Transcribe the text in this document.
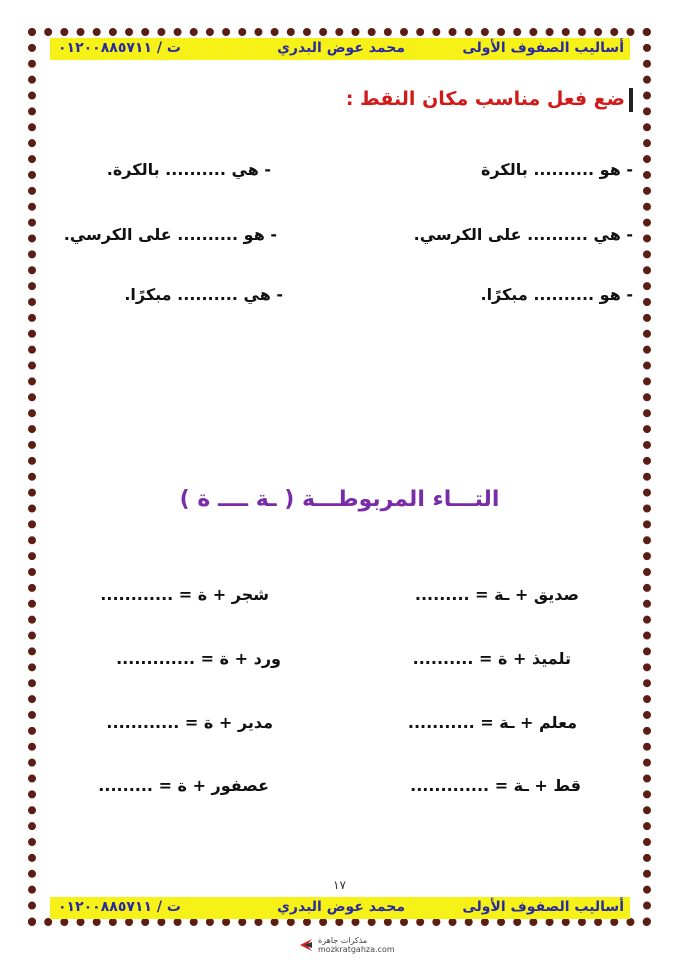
أساليب الصفوف الأولى
محمد عوض البدري
ت / ٠١٢٠٠٨٨٥٧١١
ضع فعل مناسب مكان النقط :
- هو .......... بالكرة
- هي .......... بالكرة.
- هي .......... على الكرسي.
- هو .......... على الكرسي.
- هو .......... مبكرًا.
- هي .......... مبكرًا.
التـــاء المربوطـــة ( ـة ــــ ة )
صديق + ـة = .........
شجر + ة = ............
تلميذ + ة = ..........
ورد + ة = .............
معلم + ـة = ...........
مدير + ة = ............
قط + ـة = .............
عصفور + ة = .........
١٧
أساليب الصفوف الأولى
محمد عوض البدري
ت / ٠١٢٠٠٨٨٥٧١١
مذكرات جاهزة
mozkratgahza.com
